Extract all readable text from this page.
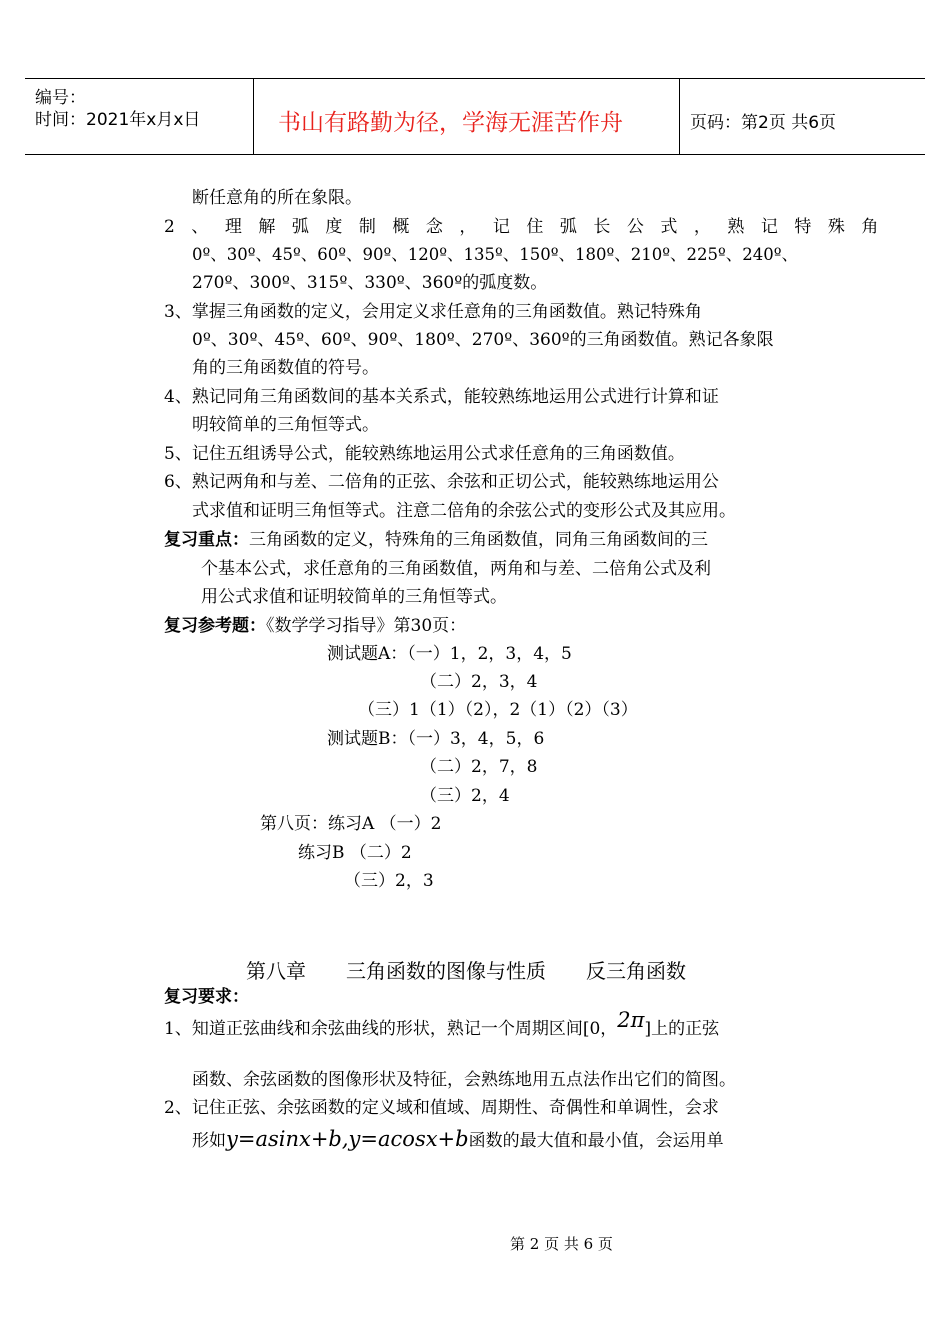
编号：
时间：2021年x月x日	书山有路勤为径，学海无涯苦作舟	页码：第2页 共6页
断任意角的所在象限。
2、理解弧度制概念，记住弧长公式，熟记特殊角
0º、30º、45º、60º、90º、120º、135º、150º、180º、210º、225º、240º、
270º、300º、315º、330º、360º的弧度数。
3、掌握三角函数的定义，会用定义求任意角的三角函数值。熟记特殊角
0º、30º、45º、60º、90º、180º、270º、360º的三角函数值。熟记各象限
角的三角函数值的符号。
4、熟记同角三角函数间的基本关系式，能较熟练地运用公式进行计算和证
明较简单的三角恒等式。
5、记住五组诱导公式，能较熟练地运用公式求任意角的三角函数值。
6、熟记两角和与差、二倍角的正弦、余弦和正切公式，能较熟练地运用公
式求值和证明三角恒等式。注意二倍角的余弦公式的变形公式及其应用。
复习重点：三角函数的定义，特殊角的三角函数值，同角三角函数间的三
个基本公式，求任意角的三角函数值，两角和与差、二倍角公式及利
用公式求值和证明较简单的三角恒等式。
复习参考题：《数学学习指导》第30页：
测试题A：（一）1，2，3，4，5
（二）2，3，4
（三）1（1）（2），2（1）（2）（3）
测试题B：（一）3，4，5，6
（二）2，7，8
（三）2，4
第八页：练习A （一）2
练习B （二）2
（三）2，3
第八章　　三角函数的图像与性质　　反三角函数
复习要求：
1、知道正弦曲线和余弦曲线的形状，熟记一个周期区间[0，2π]上的正弦
函数、余弦函数的图像形状及特征，会熟练地用五点法作出它们的简图。
2、记住正弦、余弦函数的定义域和值域、周期性、奇偶性和单调性，会求
形如y=asinx+b,y=acosx+b函数的最大值和最小值，会运用单
第 2 页 共 6 页
